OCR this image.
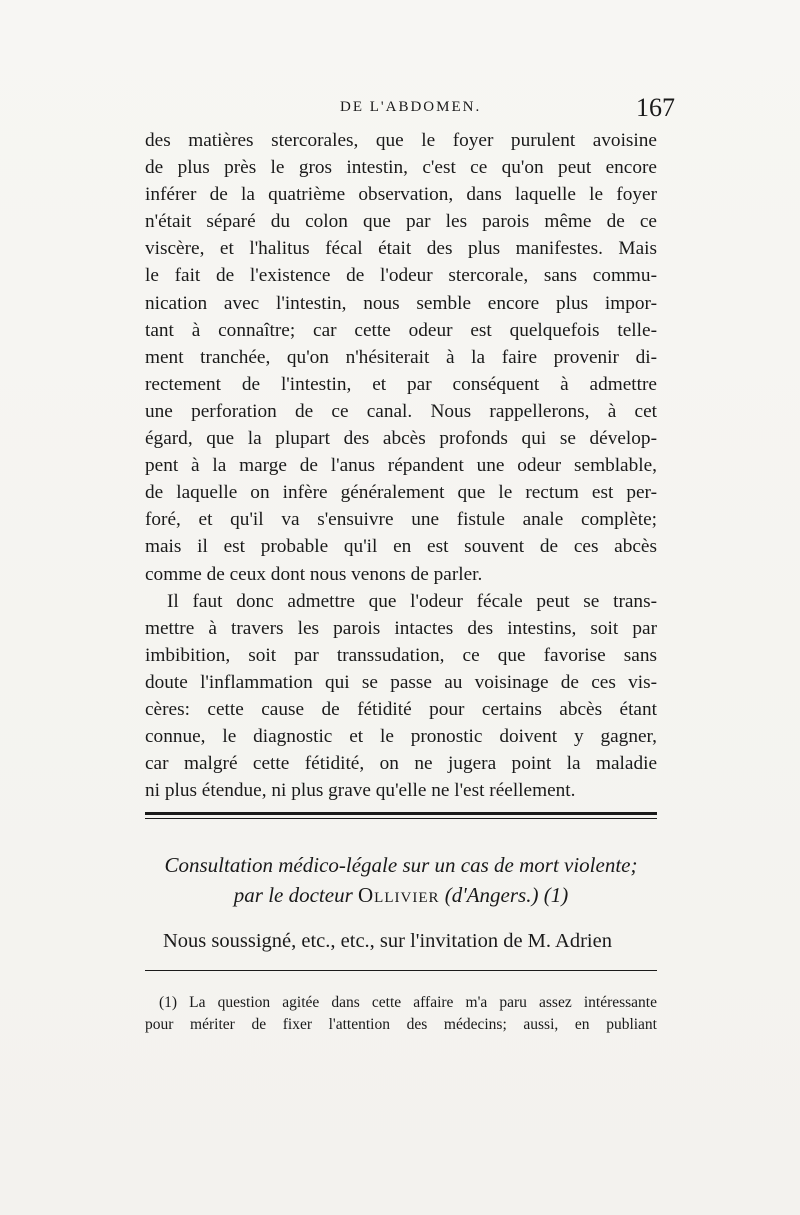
DE L'ABDOMEN.	167
des matières stercorales, que le foyer purulent avoisine
de plus près le gros intestin, c'est ce qu'on peut encore
inférer de la quatrième observation, dans laquelle le foyer
n'était séparé du colon que par les parois même de ce
viscère, et l'halitus fécal était des plus manifestes. Mais
le fait de l'existence de l'odeur stercorale, sans commu-
nication avec l'intestin, nous semble encore plus impor-
tant à connaître; car cette odeur est quelquefois telle-
ment tranchée, qu'on n'hésiterait à la faire provenir di-
rectement de l'intestin, et par conséquent à admettre
une perforation de ce canal. Nous rappellerons, à cet
égard, que la plupart des abcès profonds qui se dévelop-
pent à la marge de l'anus répandent une odeur semblable,
de laquelle on infère généralement que le rectum est per-
foré, et qu'il va s'ensuivre une fistule anale complète;
mais il est probable qu'il en est souvent de ces abcès
comme de ceux dont nous venons de parler.
Il faut donc admettre que l'odeur fécale peut se trans-
mettre à travers les parois intactes des intestins, soit par
imbibition, soit par transsudation, ce que favorise sans
doute l'inflammation qui se passe au voisinage de ces vis-
cères: cette cause de fétidité pour certains abcès étant
connue, le diagnostic et le pronostic doivent y gagner,
car malgré cette fétidité, on ne jugera point la maladie
ni plus étendue, ni plus grave qu'elle ne l'est réellement.
Consultation médico-légale sur un cas de mort violente;
par le docteur Ollivier (d'Angers.) (1)
Nous soussigné, etc., etc., sur l'invitation de M. Adrien
(1) La question agitée dans cette affaire m'a paru assez intéressante
pour mériter de fixer l'attention des médecins; aussi, en publiant
